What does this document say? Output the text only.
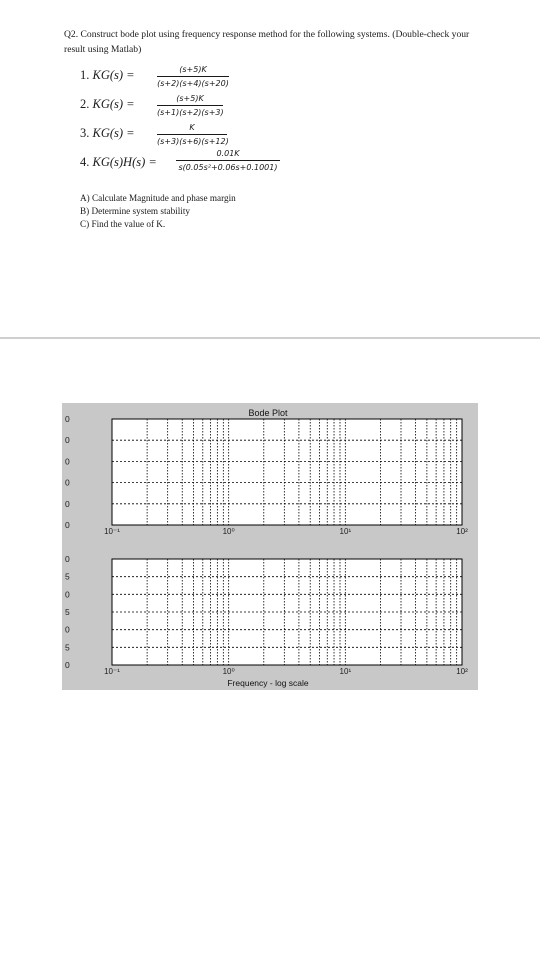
Q2. Construct bode plot using frequency response method for the following systems. (Double-check your result using Matlab)
1. KG(s) =	(s+5)K
(s+2)(s+4)(s+20)
2. KG(s) =	(s+5)K
(s+1)(s+2)(s+3)
3. KG(s) =	K
(s+3)(s+6)(s+12)
4. KG(s)H(s) =
0.01K
s(0.05s²+0.06s+0.1001)
A) Calculate Magnitude and phase margin
B) Determine system stability
C) Find the value of K.
Bode Plot
Frequency - log scale
0
0
0
0
0
0
10⁻¹	10⁰	10¹	10²
0
5
0
5
0
5
0
10⁻¹	10⁰	10¹	10²
